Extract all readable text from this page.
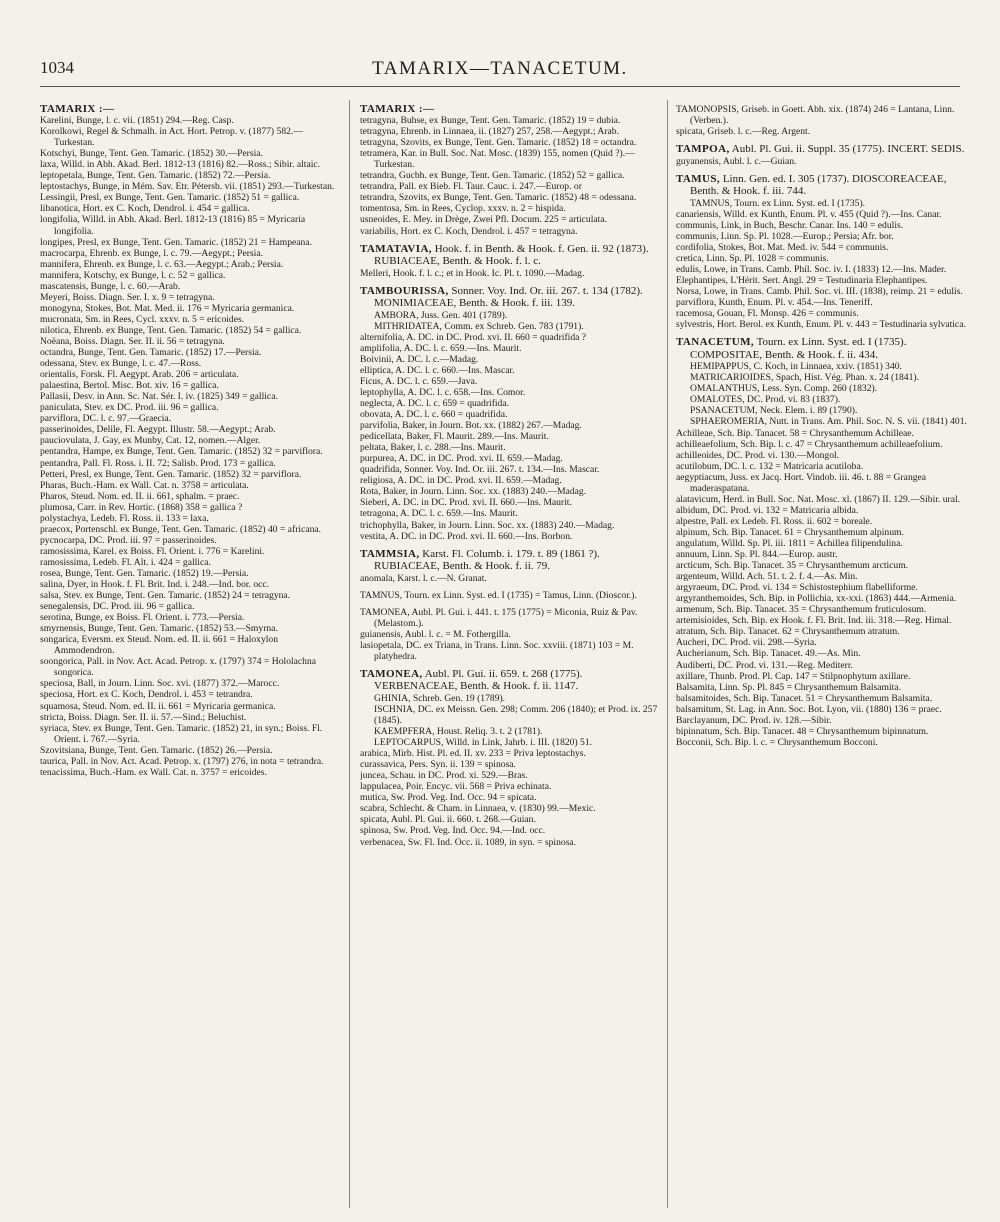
1034	TAMARIX—TANACETUM.

TAMARIX :—

Karelini, Bunge, l. c. vii. (1851) 294.—Reg. Casp.

Korolkowi, Regel & Schmalh. in Act. Hort. Petrop. v. (1877) 582.—Turkestan.

Kotschyi, Bunge, Tent. Gen. Tamaric. (1852) 30.—Persia.

laxa, Willd. in Abh. Akad. Berl. 1812-13 (1816) 82.—Ross.; Sibir. altaic.

leptopetala, Bunge, Tent. Gen. Tamaric. (1852) 72.—Persia.

leptostachys, Bunge, in Mém. Sav. Etr. Pétersb. vii. (1851) 293.—Turkestan.

Lessingii, Presl, ex Bunge, Tent. Gen. Tamaric. (1852) 51 = gallica.

libanotica, Hort. ex C. Koch, Dendrol. i. 454 = gallica.

longifolia, Willd. in Abh. Akad. Berl. 1812-13 (1816) 85 = Myricaria longifolia.

longipes, Presl, ex Bunge, Tent. Gen. Tamaric. (1852) 21 = Hampeana.

macrocarpa, Ehrenb. ex Bunge, l. c. 79.—Aegypt.; Persia.

mannifera, Ehrenb. ex Bunge, l. c. 63.—Aegypt.; Arab.; Persia.

mannifera, Kotschy, ex Bunge, l. c. 52 = gallica.

mascatensis, Bunge, l. c. 60.—Arab.

Meyeri, Boiss. Diagn. Ser. I. x. 9 = tetragyna.

monogyna, Stokes, Bot. Mat. Med. ii. 176 = Myricaria germanica.

mucronata, Sm. in Rees, Cycl. xxxv. n. 5 = ericoides.

nilotica, Ehrenb. ex Bunge, Tent. Gen. Tamaric. (1852) 54 = gallica.

Noëana, Boiss. Diagn. Ser. II. ii. 56 = tetragyna.

octandra, Bunge, Tent. Gen. Tamaric. (1852) 17.—Persia.

odessana, Stev. ex Bunge, l. c. 47.—Ross.

orientalis, Forsk. Fl. Aegypt. Arab. 206 = articulata.

palaestina, Bertol. Misc. Bot. xiv. 16 = gallica.

Pallasii, Desv. in Ann. Sc. Nat. Sér. I. iv. (1825) 349 = gallica.

paniculata, Stev. ex DC. Prod. iii. 96 = gallica.

parviflora, DC. l. c. 97.—Graecia.

passerinoides, Delile, Fl. Aegypt. Illustr. 58.—Aegypt.; Arab.

pauciovulata, J. Gay, ex Munby, Cat. 12, nomen.—Alger.

pentandra, Hampe, ex Bunge, Tent. Gen. Tamaric. (1852) 32 = parviflora.

pentandra, Pall. Fl. Ross. i. II. 72; Salisb. Prod. 173 = gallica.

Petteri, Presl, ex Bunge, Tent. Gen. Tamaric. (1852) 32 = parviflora.

Pharas, Buch.-Ham. ex Wall. Cat. n. 3758 = articulata.

Pharos, Steud. Nom. ed. II. ii. 661, sphalm. = praec.

plumosa, Carr. in Rev. Hortic. (1868) 358 = gallica ?

polystachya, Ledeb. Fl. Ross. ii. 133 = laxa.

praecox, Portenschl. ex Bunge, Tent. Gen. Tamaric. (1852) 40 = africana.

pycnocarpa, DC. Prod. iii. 97 = passerinoides.

ramosissima, Karel. ex Boiss. Fl. Orient. i. 776 = Karelini.

ramosissima, Ledeb. Fl. Alt. i. 424 = gallica.

rosea, Bunge, Tent. Gen. Tamaric. (1852) 19.—Persia.

salina, Dyer, in Hook. f. Fl. Brit. Ind. i. 248.—Ind. bor. occ.

salsa, Stev. ex Bunge, Tent. Gen. Tamaric. (1852) 24 = tetragyna.

senegalensis, DC. Prod. iii. 96 = gallica.

serotina, Bunge, ex Boiss. Fl. Orient. i. 773.—Persia.

smyrnensis, Bunge, Tent. Gen. Tamaric. (1852) 53.—Smyrna.

songarica, Eversm. ex Steud. Nom. ed. II. ii. 661 = Haloxylon Ammodendron.

soongorica, Pall. in Nov. Act. Acad. Petrop. x. (1797) 374 = Hololachna songorica.

speciosa, Ball, in Journ. Linn. Soc. xvi. (1877) 372.—Marocc.

speciosa, Hort. ex C. Koch, Dendrol. i. 453 = tetrandra.

squamosa, Steud. Nom. ed. II. ii. 661 = Myricaria germanica.

stricta, Boiss. Diagn. Ser. II. ii. 57.—Sind.; Beluchist.

syriaca, Stev. ex Bunge, Tent. Gen. Tamaric. (1852) 21, in syn.; Boiss. Fl. Orient. i. 767.—Syria.

Szovitsiana, Bunge, Tent. Gen. Tamaric. (1852) 26.—Persia.

taurica, Pall. in Nov. Act. Acad. Petrop. x. (1797) 276, in nota = tetrandra.

tenacissima, Buch.-Ham. ex Wall. Cat. n. 3757 = ericoides.

TAMARIX :—

tetragyna, Buhse, ex Bunge, Tent. Gen. Tamaric. (1852) 19 = dubia.

tetragyna, Ehrenb. in Linnaea, ii. (1827) 257, 258.—Aegypt.; Arab.

tetragyna, Szovits, ex Bunge, Tent. Gen. Tamaric. (1852) 18 = octandra.

tetramera, Kar. in Bull. Soc. Nat. Mosc. (1839) 155, nomen (Quid ?).—Turkestan.

tetrandra, Gucbh. ex Bunge, Tent. Gen. Tamaric. (1852) 52 = gallica.

tetrandra, Pall. ex Bieb. Fl. Taur. Cauc. i. 247.—Europ. or

tetrandra, Szovits, ex Bunge, Tent. Gen. Tamaric. (1852) 48 = odessana.

tomentosa, Sm. in Rees, Cyclop. xxxv. n. 2 = hispida.

usneoides, E. Mey. in Drège, Zwei Pfl. Docum. 225 = articulata.

variabilis, Hort. ex C. Koch, Dendrol. i. 457 = tetragyna.

TAMATAVIA, Hook. f. in Benth. & Hook. f. Gen. ii. 92 (1873). RUBIACEAE, Benth. & Hook. f. l. c.

Melleri, Hook. f. l. c.; et in Hook. Ic. Pl. t. 1090.—Madag.

TAMBOURISSA, Sonner. Voy. Ind. Or. iii. 267. t. 134 (1782). MONIMIACEAE, Benth. & Hook. f. iii. 139.

AMBORA, Juss. Gen. 401 (1789).

MITHRIDATEA, Comm. ex Schreb. Gen. 783 (1791).

alternifolia, A. DC. in DC. Prod. xvi. II. 660 = quadrifida ?

amplifolia, A. DC. l. c. 659.—Ins. Maurit.

Boivinii, A. DC. l. c.—Madag.

elliptica, A. DC. l. c. 660.—Ins. Mascar.

Ficus, A. DC. l. c. 659.—Java.

leptophylla, A. DC. l. c. 658.—Ins. Comor.

neglecta, A. DC. l. c. 659 = quadrifida.

obovata, A. DC. l. c. 660 = quadrifida.

parvifolia, Baker, in Journ. Bot. xx. (1882) 267.—Madag.

pedicellata, Baker, Fl. Maurit. 289.—Ins. Maurit.

peltata, Baker, l. c. 288.—Ins. Maurit.

purpurea, A. DC. in DC. Prod. xvi. II. 659.—Madag.

quadrifida, Sonner. Voy. Ind. Or. iii. 267. t. 134.—Ins. Mascar.

religiosa, A. DC. in DC. Prod. xvi. II. 659.—Madag.

Rota, Baker, in Journ. Linn. Soc. xx. (1883) 240.—Madag.

Sieberi, A. DC. in DC. Prod. xvi. II. 660.—Ins. Maurit.

tetragona, A. DC. l. c. 659.—Ins. Maurit.

trichophylla, Baker, in Journ. Linn. Soc. xx. (1883) 240.—Madag.

vestita, A. DC. in DC. Prod. xvi. II. 660.—Ins. Borbon.

TAMMSIA, Karst. Fl. Columb. i. 179. t. 89 (1861 ?). RUBIACEAE, Benth. & Hook. f. ii. 79.

anomala, Karst. l. c.—N. Granat.

TAMNUS, Tourn. ex Linn. Syst. ed. I (1735) = Tamus, Linn. (Dioscor.).

TAMONEA, Aubl. Pl. Gui. i. 441. t. 175 (1775) = Miconia, Ruiz & Pav. (Melastom.).

guianensis, Aubl. l. c. = M. Fothergilla.

lasiopetala, DC. ex Triana, in Trans. Linn. Soc. xxviii. (1871) 103 = M. platyhedra.

TAMONEA, Aubl. Pl. Gui. ii. 659. t. 268 (1775). VERBENACEAE, Benth. & Hook. f. ii. 1147.

GHINIA, Schreb. Gen. 19 (1789).

ISCHNIA, DC. ex Meissn. Gen. 298; Comm. 206 (1840); et Prod. ix. 257 (1845).

KAEMPFERA, Houst. Reliq. 3. t. 2 (1781).

LEPTOCARPUS, Willd. in Link, Jahrb. i. III. (1820) 51.

arabica, Mirb. Hist. Pl. ed. II. xv. 233 = Priva leptostachys.

curassavica, Pers. Syn. ii. 139 = spinosa.

juncea, Schau. in DC. Prod. xi. 529.—Bras.

lappulacea, Poir. Encyc. vii. 568 = Priva echinata.

mutica, Sw. Prod. Veg. Ind. Occ. 94 = spicata.

scabra, Schlecht. & Cham. in Linnaea, v. (1830) 99.—Mexic.

spicata, Aubl. Pl. Gui. ii. 660. t. 268.—Guian.

spinosa, Sw. Prod. Veg. Ind. Occ. 94.—Ind. occ.

verbenacea, Sw. Fl. Ind. Occ. ii. 1089, in syn. = spinosa.

TAMONOPSIS, Griseb. in Goett. Abh. xix. (1874) 246 = Lantana, Linn. (Verben.).

spicata, Griseb. l. c.—Reg. Argent.

TAMPOA, Aubl. Pl. Gui. ii. Suppl. 35 (1775). INCERT. SEDIS.

guyanensis, Aubl. l. c.—Guian.

TAMUS, Linn. Gen. ed. I. 305 (1737). DIOSCOREACEAE, Benth. & Hook. f. iii. 744.

TAMNUS, Tourn. ex Linn. Syst. ed. I (1735).

canariensis, Willd. ex Kunth, Enum. Pl. v. 455 (Quid ?).—Ins. Canar.

communis, Link, in Buch, Beschr. Canar. Ins. 140 = edulis.

communis, Linn. Sp. Pl. 1028.—Europ.; Persia; Afr. bor.

cordifolia, Stokes, Bot. Mat. Med. iv. 544 = communis.

cretica, Linn. Sp. Pl. 1028 = communis.

edulis, Lowe, in Trans. Camb. Phil. Soc. iv. I. (1833) 12.—Ins. Mader.

Elephantipes, L'Hérit. Sert. Angl. 29 = Testudinaria Elephantipes.

Norsa, Lowe, in Trans. Camb. Phil. Soc. vi. III. (1838), reimp. 21 = edulis.

parviflora, Kunth, Enum. Pl. v. 454.—Ins. Teneriff.

racemosa, Gouan, Fl. Monsp. 426 = communis.

sylvestris, Hort. Berol. ex Kunth, Enum. Pl. v. 443 = Testudinaria sylvatica.

TANACETUM, Tourn. ex Linn. Syst. ed. I (1735). COMPOSITAE, Benth. & Hook. f. ii. 434.

HEMIPAPPUS, C. Koch, in Linnaea, xxiv. (1851) 340.

MATRICARIOIDES, Spach, Hist. Vég. Phan. x. 24 (1841).

OMALANTHUS, Less. Syn. Comp. 260 (1832).

OMALOTES, DC. Prod. vi. 83 (1837).

PSANACETUM, Neck. Elem. i. 89 (1790).

SPHAEROMERIA, Nutt. in Trans. Am. Phil. Soc. N. S. vii. (1841) 401.

Achilleae, Sch. Bip. Tanacet. 58 = Chrysanthemum Achilleae.

achilleaefolium, Sch. Bip. l. c. 47 = Chrysanthemum achilleaefolium.

achilleoides, DC. Prod. vi. 130.—Mongol.

acutilobum, DC. l. c. 132 = Matricaria acutiloba.

aegyptiacum, Juss. ex Jacq. Hort. Vindob. iii. 46. t. 88 = Grangea maderaspatana.

alatavicum, Herd. in Bull. Soc. Nat. Mosc. xl. (1867) II. 129.—Sibir. ural.

albidum, DC. Prod. vi. 132 = Matricaria albida.

alpestre, Pall. ex Ledeb. Fl. Ross. ii. 602 = boreale.

alpinum, Sch. Bip. Tanacet. 61 = Chrysanthemum alpinum.

angulatum, Willd. Sp. Pl. iii. 1811 = Achillea filipendulina.

annuum, Linn. Sp. Pl. 844.—Europ. austr.

arcticum, Sch. Bip. Tanacet. 35 = Chrysanthemum arcticum.

argenteum, Willd. Ach. 51. t. 2. f. 4.—As. Min.

argyraeum, DC. Prod. vi. 134 = Schistostephium flabelliforme.

argyranthemoides, Sch. Bip. in Pollichia, xx-xxi. (1863) 444.—Armenia.

armenum, Sch. Bip. Tanacet. 35 = Chrysanthemum fruticulosum.

artemisioides, Sch. Bip. ex Hook. f. Fl. Brit. Ind. iii. 318.—Reg. Himal.

atratum, Sch. Bip. Tanacet. 62 = Chrysanthemum atratum.

Aucheri, DC. Prod. vii. 298.—Syria.

Aucherianum, Sch. Bip. Tanacet. 49.—As. Min.

Audiberti, DC. Prod. vi. 131.—Reg. Mediterr.

axillare, Thunb. Prod. Pl. Cap. 147 = Stilpnophytum axillare.

Balsamita, Linn. Sp. Pl. 845 = Chrysanthemum Balsamita.

balsamitoides, Sch. Bip. Tanacet. 51 = Chrysanthemum Balsamita.

balsamitum, St. Lag. in Ann. Soc. Bot. Lyon, vii. (1880) 136 = praec.

Barclayanum, DC. Prod. iv. 128.—Sibir.

bipinnatum, Sch. Bip. Tanacet. 48 = Chrysanthemum bipinnatum.

Bocconii, Sch. Bip. l. c. = Chrysanthemum Bocconi.
